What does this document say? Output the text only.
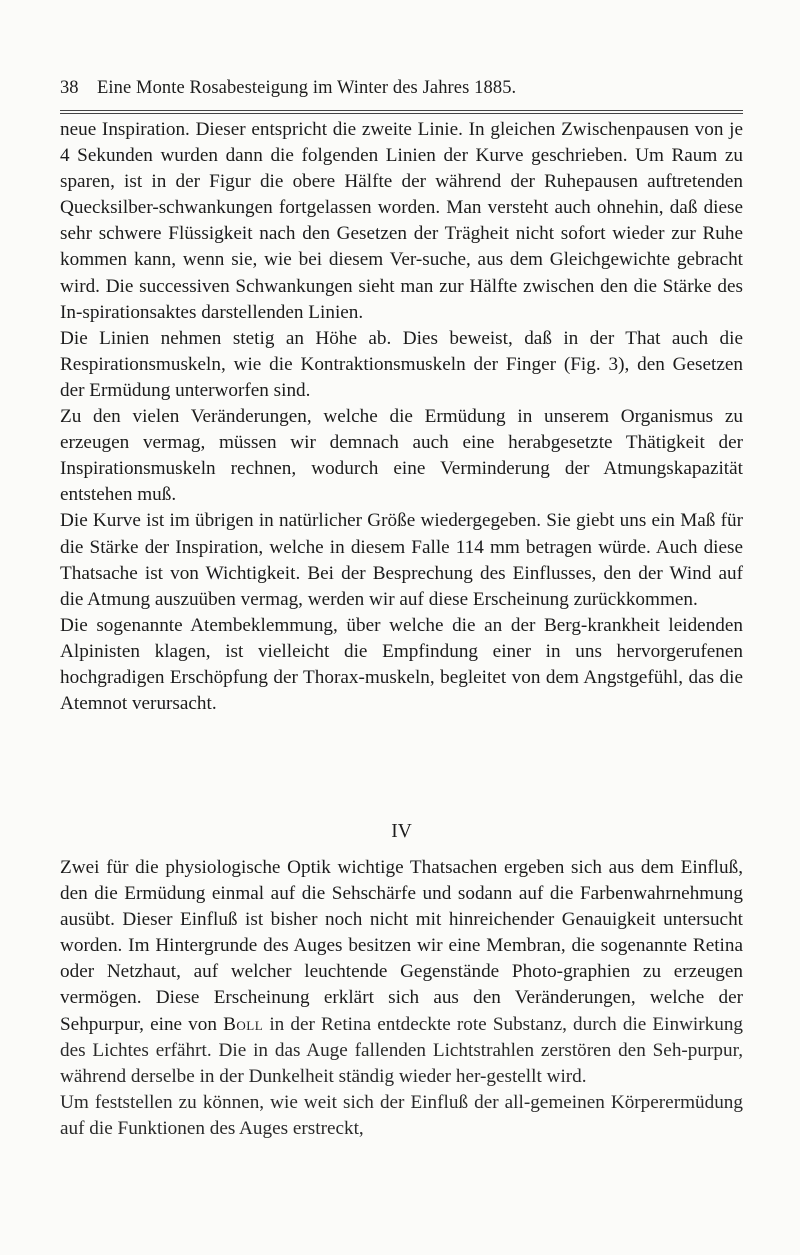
38 Eine Monte Rosabesteigung im Winter des Jahres 1885.

neue Inspiration. Dieser entspricht die zweite Linie. In gleichen Zwischenpausen von je 4 Sekunden wurden dann die folgenden Linien der Kurve geschrieben. Um Raum zu sparen, ist in der Figur die obere Hälfte der während der Ruhepausen auftretenden Quecksilber-schwankungen fortgelassen worden. Man versteht auch ohnehin, daß diese sehr schwere Flüssigkeit nach den Gesetzen der Trägheit nicht sofort wieder zur Ruhe kommen kann, wenn sie, wie bei diesem Ver-suche, aus dem Gleichgewichte gebracht wird. Die successiven Schwankungen sieht man zur Hälfte zwischen den die Stärke des In-spirationsaktes darstellenden Linien.

Die Linien nehmen stetig an Höhe ab. Dies beweist, daß in der That auch die Respirationsmuskeln, wie die Kontraktionsmuskeln der Finger (Fig. 3), den Gesetzen der Ermüdung unterworfen sind.

Zu den vielen Veränderungen, welche die Ermüdung in unserem Organismus zu erzeugen vermag, müssen wir demnach auch eine herabgesetzte Thätigkeit der Inspirationsmuskeln rechnen, wodurch eine Verminderung der Atmungskapazität entstehen muß.

Die Kurve ist im übrigen in natürlicher Größe wiedergegeben. Sie giebt uns ein Maß für die Stärke der Inspiration, welche in diesem Falle 114 mm betragen würde. Auch diese Thatsache ist von Wichtigkeit. Bei der Besprechung des Einflusses, den der Wind auf die Atmung auszuüben vermag, werden wir auf diese Erscheinung zurückkommen.

Die sogenannte Atembeklemmung, über welche die an der Berg-krankheit leidenden Alpinisten klagen, ist vielleicht die Empfindung einer in uns hervorgerufenen hochgradigen Erschöpfung der Thorax-muskeln, begleitet von dem Angstgefühl, das die Atemnot verursacht.

IV

Zwei für die physiologische Optik wichtige Thatsachen ergeben sich aus dem Einfluß, den die Ermüdung einmal auf die Sehschärfe und sodann auf die Farbenwahrnehmung ausübt. Dieser Einfluß ist bisher noch nicht mit hinreichender Genauigkeit untersucht worden. Im Hintergrunde des Auges besitzen wir eine Membran, die sogenannte Retina oder Netzhaut, auf welcher leuchtende Gegenstände Photo-graphien zu erzeugen vermögen. Diese Erscheinung erklärt sich aus den Veränderungen, welche der Sehpurpur, eine von Boll in der Retina entdeckte rote Substanz, durch die Einwirkung des Lichtes erfährt. Die in das Auge fallenden Lichtstrahlen zerstören den Seh-purpur, während derselbe in der Dunkelheit ständig wieder her-gestellt wird.

Um feststellen zu können, wie weit sich der Einfluß der all-gemeinen Körperermüdung auf die Funktionen des Auges erstreckt,
